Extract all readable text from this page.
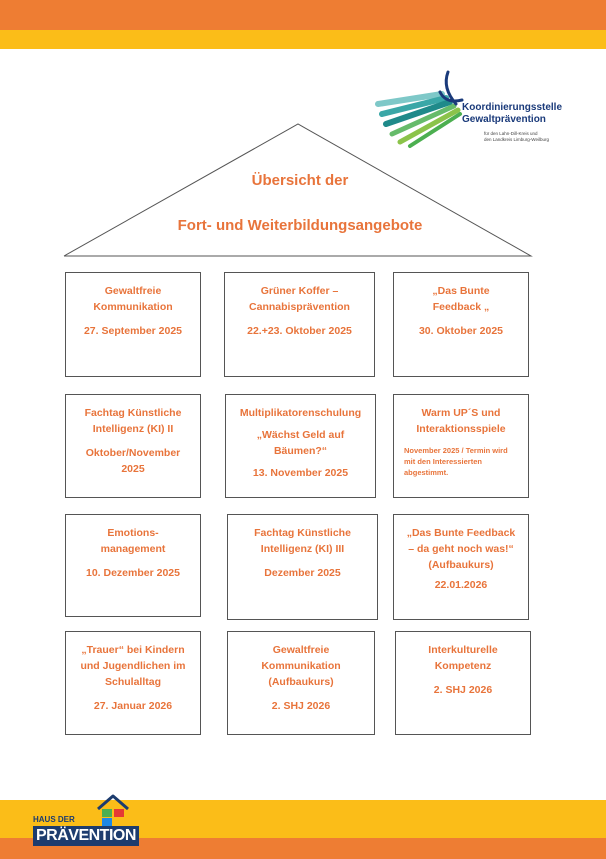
Koordinierungsstelle
Gewaltprävention
für den Lahn-Dill-Kreis und
den Landkreis Limburg-Weilburg
Übersicht der
Fort- und Weiterbildungsangebote
Gewaltfreie Kommunikation
27. September 2025
Grüner Koffer – Cannabisprävention
22.+23. Oktober 2025
„Das Bunte Feedback „
30. Oktober 2025
Fachtag Künstliche Intelligenz (KI) II
Oktober/November 2025
Multiplikatorenschulung
„Wächst Geld auf Bäumen?“
13. November 2025
Warm UP´S und Interaktionsspiele
November 2025 / Termin wird mit den Interessierten abgestimmt.
Emotions-management
10. Dezember 2025
Fachtag Künstliche Intelligenz (KI) III
Dezember 2025
„Das Bunte Feedback – da geht noch was!“ (Aufbaukurs)
22.01.2026
„Trauer“ bei Kindern und Jugendlichen im Schulalltag
27. Januar 2026
Gewaltfreie Kommunikation (Aufbaukurs)
2. SHJ 2026
Interkulturelle Kompetenz
2. SHJ 2026
HAUS DER
PRÄVENTION
